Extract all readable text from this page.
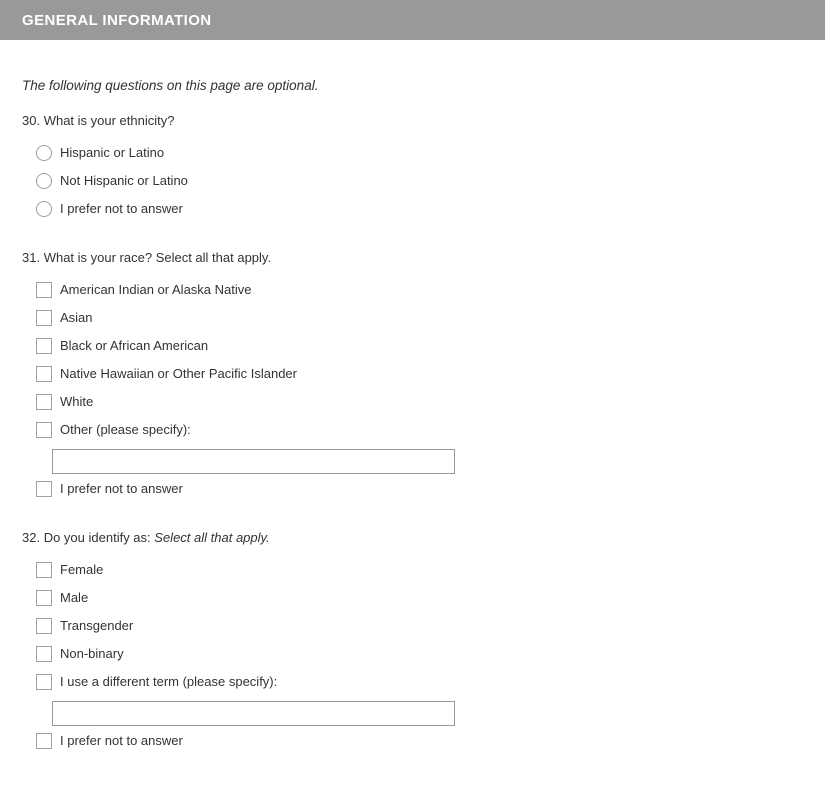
GENERAL INFORMATION

The following questions on this page are optional.

30. What is your ethnicity?
Hispanic or Latino
Not Hispanic or Latino
I prefer not to answer
31. What is your race? Select all that apply.
American Indian or Alaska Native
Asian
Black or African American
Native Hawaiian or Other Pacific Islander
White
Other (please specify):
I prefer not to answer
32. Do you identify as: Select all that apply.
Female
Male
Transgender
Non-binary
I use a different term (please specify):
I prefer not to answer
